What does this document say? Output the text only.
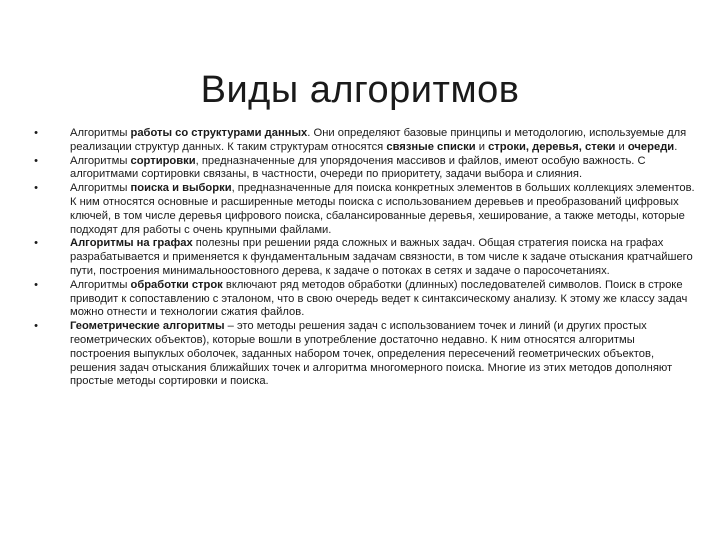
Виды алгоритмов
•	Алгоритмы работы со структурами данных. Они определяют базовые принципы и методологию, используемые для реализации структур данных. К таким структурам относятся связные списки и строки, деревья, стеки и очереди.
•	Алгоритмы сортировки, предназначенные для упорядочения массивов и файлов, имеют особую важность. С алгоритмами сортировки связаны, в частности, очереди по приоритету, задачи выбора и слияния.
•	Алгоритмы поиска и выборки, предназначенные для поиска конкретных элементов в больших коллекциях элементов. К ним относятся основные и расширенные методы поиска с использованием деревьев и преобразований цифровых ключей, в том числе деревья цифрового поиска, сбалансированные деревья, хеширование, а также методы, которые подходят для работы с очень крупными файлами.
•	Алгоритмы на графах полезны при решении ряда сложных и важных задач. Общая стратегия поиска на графах разрабатывается и применяется к фундаментальным задачам связности, в том числе к задаче отыскания кратчайшего пути, построения минимальноостовного дерева, к задаче о потоках в сетях и задаче о паросочетаниях.
•	Алгоритмы обработки строк включают ряд методов обработки (длинных) последователей символов. Поиск в строке приводит к сопоставлению с эталоном, что в свою очередь ведет к синтаксическому анализу. К этому же классу задач можно отнести и технологии сжатия файлов.
•	Геометрические алгоритмы – это методы решения задач с использованием точек и линий (и других простых геометрических объектов), которые вошли в употребление достаточно недавно. К ним относятся алгоритмы построения выпуклых оболочек, заданных набором точек, определения пересечений геометрических объектов, решения задач отыскания ближайших точек и алгоритма многомерного поиска. Многие из этих методов дополняют простые методы сортировки и поиска.
